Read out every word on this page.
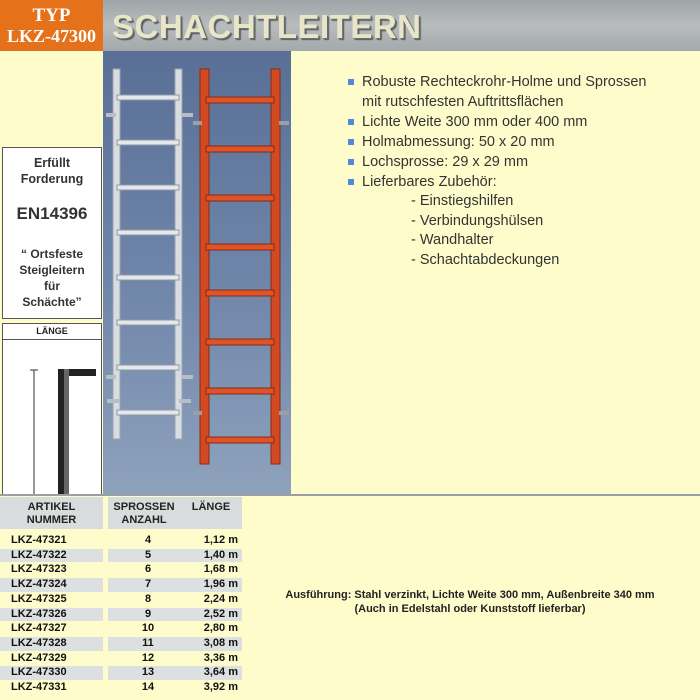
TYP
LKZ-47300 SCHACHTLEITERN
Erfüllt
Forderung
EN14396
“ Ortsfeste
Steigleitern
für
Schächte”
LÄNGE
Robuste Rechteckrohr-Holme und Sprossen
mit rutschfesten Auftrittsflächen
Lichte Weite 300 mm oder 400 mm
Holmabmessung: 50 x 20 mm
Lochsprosse: 29 x 29 mm
Lieferbares Zubehör:
- Einstiegshilfen
- Verbindungshülsen
- Wandhalter
- Schachtabdeckungen
ARTIKEL
NUMMER
SPROSSEN
ANZAHL
LÄNGE
LKZ-47321	4	1,12 m
LKZ-47322	5	1,40 m
LKZ-47323	6	1,68 m
LKZ-47324	7	1,96 m
LKZ-47325	8	2,24 m
LKZ-47326	9	2,52 m
LKZ-47327	10	2,80 m
LKZ-47328	11	3,08 m
LKZ-47329	12	3,36 m
LKZ-47330	13	3,64 m
LKZ-47331	14	3,92 m
Ausführung: Stahl verzinkt, Lichte Weite 300 mm, Außenbreite 340 mm
(Auch in Edelstahl oder Kunststoff lieferbar)
